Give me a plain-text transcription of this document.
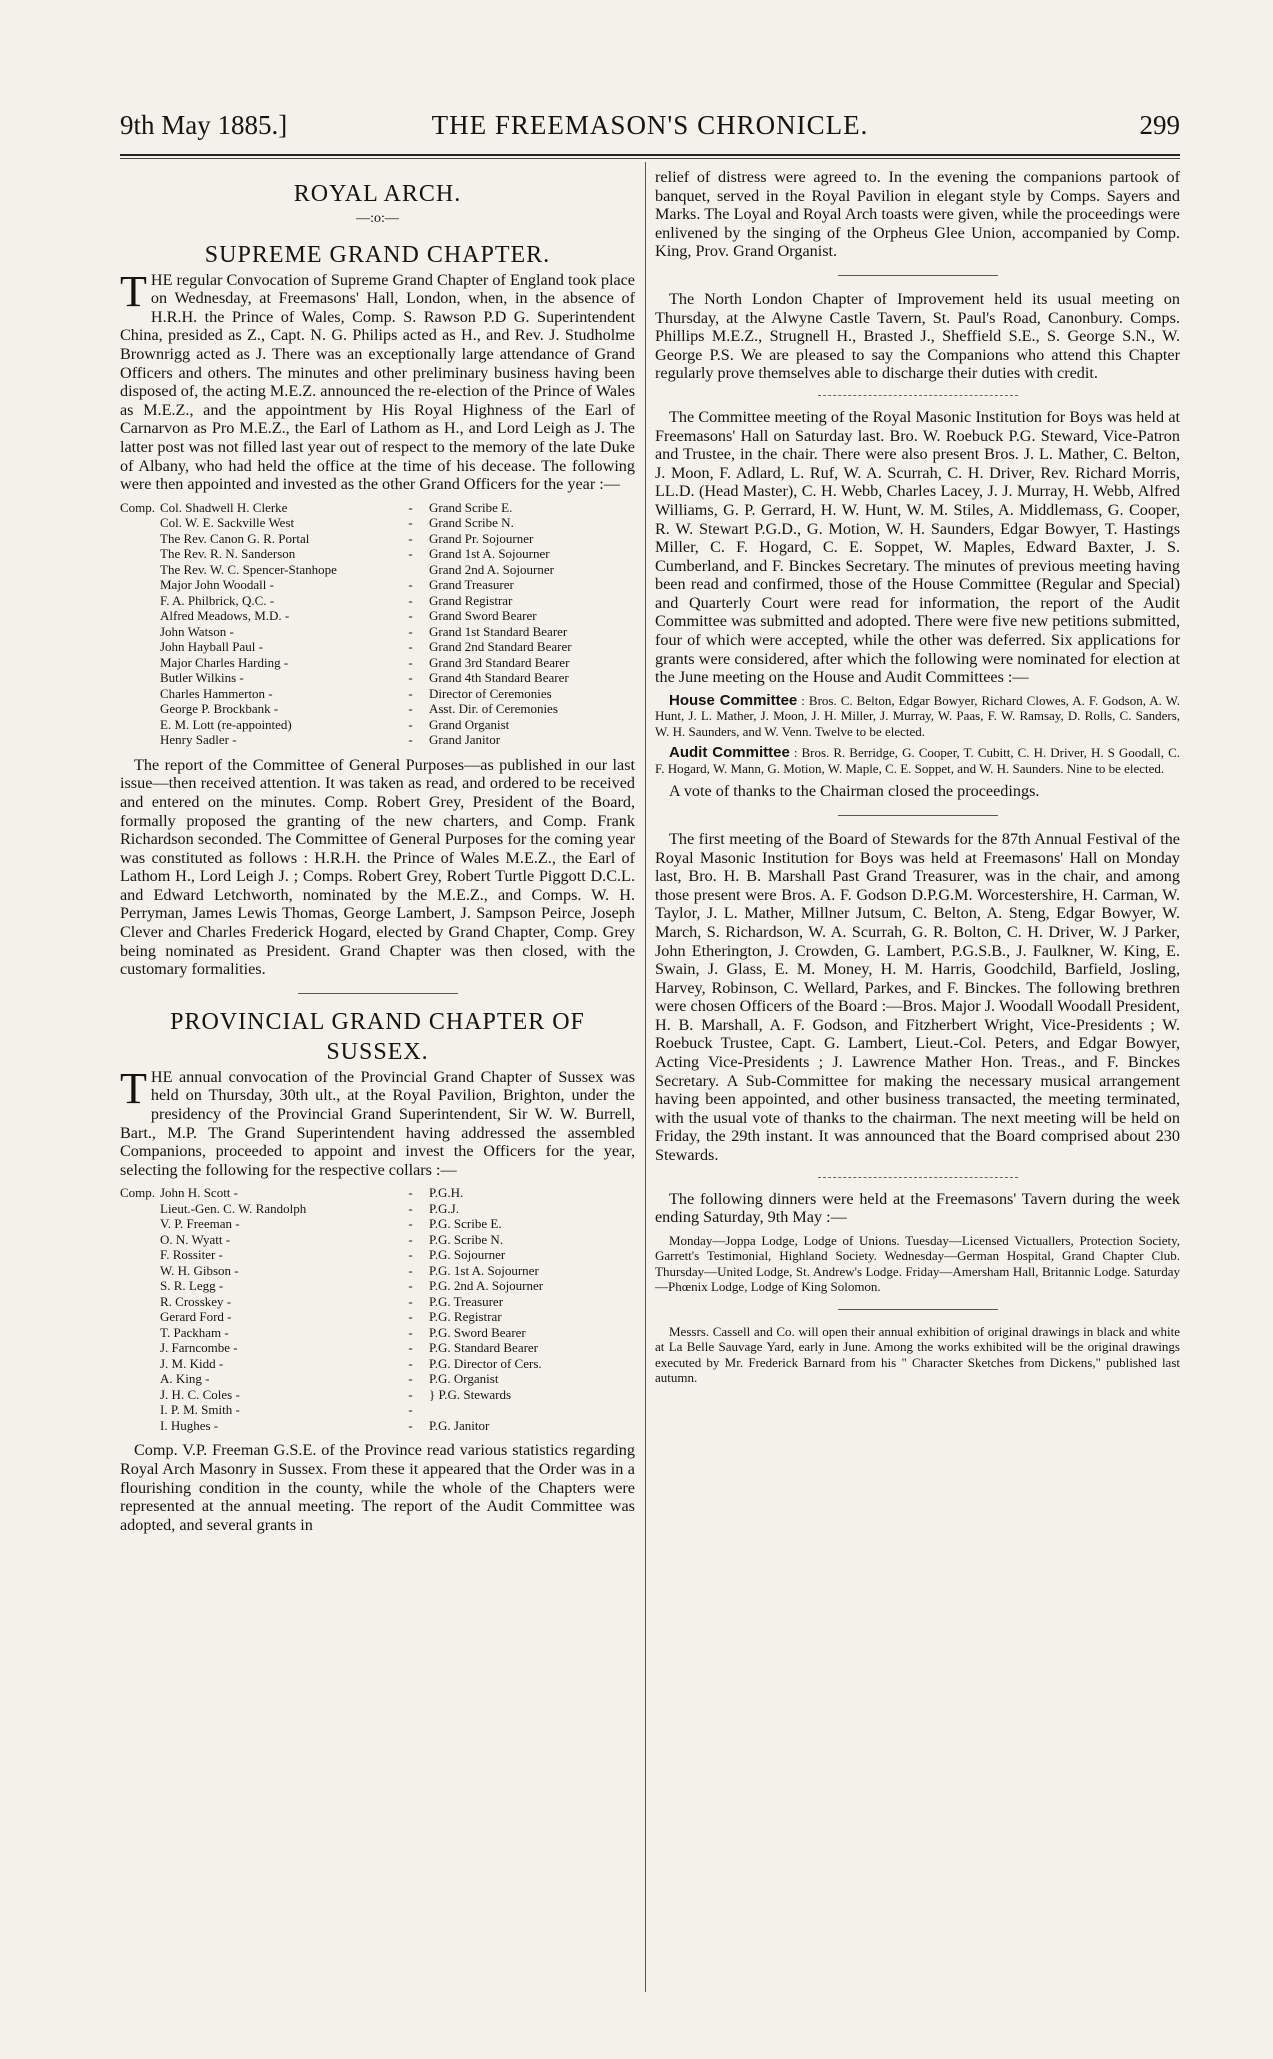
9th May 1885.]	THE FREEMASON'S CHRONICLE.	299
ROYAL ARCH.
—:o:—
SUPREME GRAND CHAPTER.

THE regular Convocation of Supreme Grand Chapter of England took place on Wednesday, at Freemasons' Hall, London, when, in the absence of H.R.H. the Prince of Wales, Comp. S. Rawson P.D G. Superintendent China, presided as Z., Capt. N. G. Philips acted as H., and Rev. J. Studholme Brownrigg acted as J. There was an exceptionally large attendance of Grand Officers and others. The minutes and other preliminary business having been disposed of, the acting M.E.Z. announced the re-election of the Prince of Wales as M.E.Z., and the appointment by His Royal Highness of the Earl of Carnarvon as Pro M.E.Z., the Earl of Lathom as H., and Lord Leigh as J. The latter post was not filled last year out of respect to the memory of the late Duke of Albany, who had held the office at the time of his decease. The following were then appointed and invested as the other Grand Officers for the year :—

Comp. Col. Shadwell H. Clerke	-	Grand Scribe E.
Col. W. E. Sackville West	-	Grand Scribe N.
The Rev. Canon G. R. Portal	-	Grand Pr. Sojourner
The Rev. R. N. Sanderson	-	Grand 1st A. Sojourner
The Rev. W. C. Spencer-Stanhope		Grand 2nd A. Sojourner
Major John Woodall -	-	Grand Treasurer
F. A. Philbrick, Q.C. -	-	Grand Registrar
Alfred Meadows, M.D. -	-	Grand Sword Bearer
John Watson -	-	Grand 1st Standard Bearer
John Hayball Paul -	-	Grand 2nd Standard Bearer
Major Charles Harding -	-	Grand 3rd Standard Bearer
Butler Wilkins -	-	Grand 4th Standard Bearer
Charles Hammerton -	-	Director of Ceremonies
George P. Brockbank -	-	Asst. Dir. of Ceremonies
E. M. Lott (re-appointed)	-	Grand Organist
Henry Sadler -	-	Grand Janitor

The report of the Committee of General Purposes—as published in our last issue—then received attention. It was taken as read, and ordered to be received and entered on the minutes. Comp. Robert Grey, President of the Board, formally proposed the granting of the new charters, and Comp. Frank Richardson seconded. The Committee of General Purposes for the coming year was constituted as follows : H.R.H. the Prince of Wales M.E.Z., the Earl of Lathom H., Lord Leigh J. ; Comps. Robert Grey, Robert Turtle Piggott D.C.L. and Edward Letchworth, nominated by the M.E.Z., and Comps. W. H. Perryman, James Lewis Thomas, George Lambert, J. Sampson Peirce, Joseph Clever and Charles Frederick Hogard, elected by Grand Chapter, Comp. Grey being nominated as President. Grand Chapter was then closed, with the customary formalities.

PROVINCIAL GRAND CHAPTER OF
SUSSEX.

THE annual convocation of the Provincial Grand Chapter of Sussex was held on Thursday, 30th ult., at the Royal Pavilion, Brighton, under the presidency of the Provincial Grand Superintendent, Sir W. W. Burrell, Bart., M.P. The Grand Superintendent having addressed the assembled Companions, proceeded to appoint and invest the Officers for the year, selecting the following for the respective collars :—

Comp. John H. Scott -	-	P.G.H.
Lieut.-Gen. C. W. Randolph	-	P.G.J.
V. P. Freeman -	-	P.G. Scribe E.
O. N. Wyatt -	-	P.G. Scribe N.
F. Rossiter -	-	P.G. Sojourner
W. H. Gibson -	-	P.G. 1st A. Sojourner
S. R. Legg -	-	P.G. 2nd A. Sojourner
R. Crosskey -	-	P.G. Treasurer
Gerard Ford -	-	P.G. Registrar
T. Packham -	-	P.G. Sword Bearer
J. Farncombe -	-	P.G. Standard Bearer
J. M. Kidd -	-	P.G. Director of Cers.
A. King -	-	P.G. Organist
J. H. C. Coles -	-	} P.G. Stewards
I. P. M. Smith -	-	
I. Hughes -	-	P.G. Janitor

Comp. V.P. Freeman G.S.E. of the Province read various statistics regarding Royal Arch Masonry in Sussex. From these it appeared that the Order was in a flourishing condition in the county, while the whole of the Chapters were represented at the annual meeting. The report of the Audit Committee was adopted, and several grants in

relief of distress were agreed to. In the evening the companions partook of banquet, served in the Royal Pavilion in elegant style by Comps. Sayers and Marks. The Loyal and Royal Arch toasts were given, while the proceedings were enlivened by the singing of the Orpheus Glee Union, accompanied by Comp. King, Prov. Grand Organist.

The North London Chapter of Improvement held its usual meeting on Thursday, at the Alwyne Castle Tavern, St. Paul's Road, Canonbury. Comps. Phillips M.E.Z., Strugnell H., Brasted J., Sheffield S.E., S. George S.N., W. George P.S. We are pleased to say the Companions who attend this Chapter regularly prove themselves able to discharge their duties with credit.

The Committee meeting of the Royal Masonic Institution for Boys was held at Freemasons' Hall on Saturday last. Bro. W. Roebuck P.G. Steward, Vice-Patron and Trustee, in the chair. There were also present Bros. J. L. Mather, C. Belton, J. Moon, F. Adlard, L. Ruf, W. A. Scurrah, C. H. Driver, Rev. Richard Morris, LL.D. (Head Master), C. H. Webb, Charles Lacey, J. J. Murray, H. Webb, Alfred Williams, G. P. Gerrard, H. W. Hunt, W. M. Stiles, A. Middlemass, G. Cooper, R. W. Stewart P.G.D., G. Motion, W. H. Saunders, Edgar Bowyer, T. Hastings Miller, C. F. Hogard, C. E. Soppet, W. Maples, Edward Baxter, J. S. Cumberland, and F. Binckes Secretary. The minutes of previous meeting having been read and confirmed, those of the House Committee (Regular and Special) and Quarterly Court were read for information, the report of the Audit Committee was submitted and adopted. There were five new petitions submitted, four of which were accepted, while the other was deferred. Six applications for grants were considered, after which the following were nominated for election at the June meeting on the House and Audit Committees :—

House Committee : Bros. C. Belton, Edgar Bowyer, Richard Clowes, A. F. Godson, A. W. Hunt, J. L. Mather, J. Moon, J. H. Miller, J. Murray, W. Paas, F. W. Ramsay, D. Rolls, C. Sanders, W. H. Saunders, and W. Venn. Twelve to be elected.

Audit Committee : Bros. R. Berridge, G. Cooper, T. Cubitt, C. H. Driver, H. S Goodall, C. F. Hogard, W. Mann, G. Motion, W. Maple, C. E. Soppet, and W. H. Saunders. Nine to be elected.

A vote of thanks to the Chairman closed the proceedings.

The first meeting of the Board of Stewards for the 87th Annual Festival of the Royal Masonic Institution for Boys was held at Freemasons' Hall on Monday last, Bro. H. B. Marshall Past Grand Treasurer, was in the chair, and among those present were Bros. A. F. Godson D.P.G.M. Worcestershire, H. Carman, W. Taylor, J. L. Mather, Millner Jutsum, C. Belton, A. Steng, Edgar Bowyer, W. March, S. Richardson, W. A. Scurrah, G. R. Bolton, C. H. Driver, W. J Parker, John Etherington, J. Crowden, G. Lambert, P.G.S.B., J. Faulkner, W. King, E. Swain, J. Glass, E. M. Money, H. M. Harris, Goodchild, Barfield, Josling, Harvey, Robinson, C. Wellard, Parkes, and F. Binckes. The following brethren were chosen Officers of the Board :—Bros. Major J. Woodall Woodall President, H. B. Marshall, A. F. Godson, and Fitzherbert Wright, Vice-Presidents ; W. Roebuck Trustee, Capt. G. Lambert, Lieut.-Col. Peters, and Edgar Bowyer, Acting Vice-Presidents ; J. Lawrence Mather Hon. Treas., and F. Binckes Secretary. A Sub-Committee for making the necessary musical arrangement having been appointed, and other business transacted, the meeting terminated, with the usual vote of thanks to the chairman. The next meeting will be held on Friday, the 29th instant. It was announced that the Board comprised about 230 Stewards.

The following dinners were held at the Freemasons' Tavern during the week ending Saturday, 9th May :—

Monday—Joppa Lodge, Lodge of Unions. Tuesday—Licensed Victuallers, Protection Society, Garrett's Testimonial, Highland Society. Wednesday—German Hospital, Grand Chapter Club. Thursday—United Lodge, St. Andrew's Lodge. Friday—Amersham Hall, Britannic Lodge. Saturday—Phœnix Lodge, Lodge of King Solomon.

Messrs. Cassell and Co. will open their annual exhibition of original drawings in black and white at La Belle Sauvage Yard, early in June. Among the works exhibited will be the original drawings executed by Mr. Frederick Barnard from his " Character Sketches from Dickens," published last autumn.
